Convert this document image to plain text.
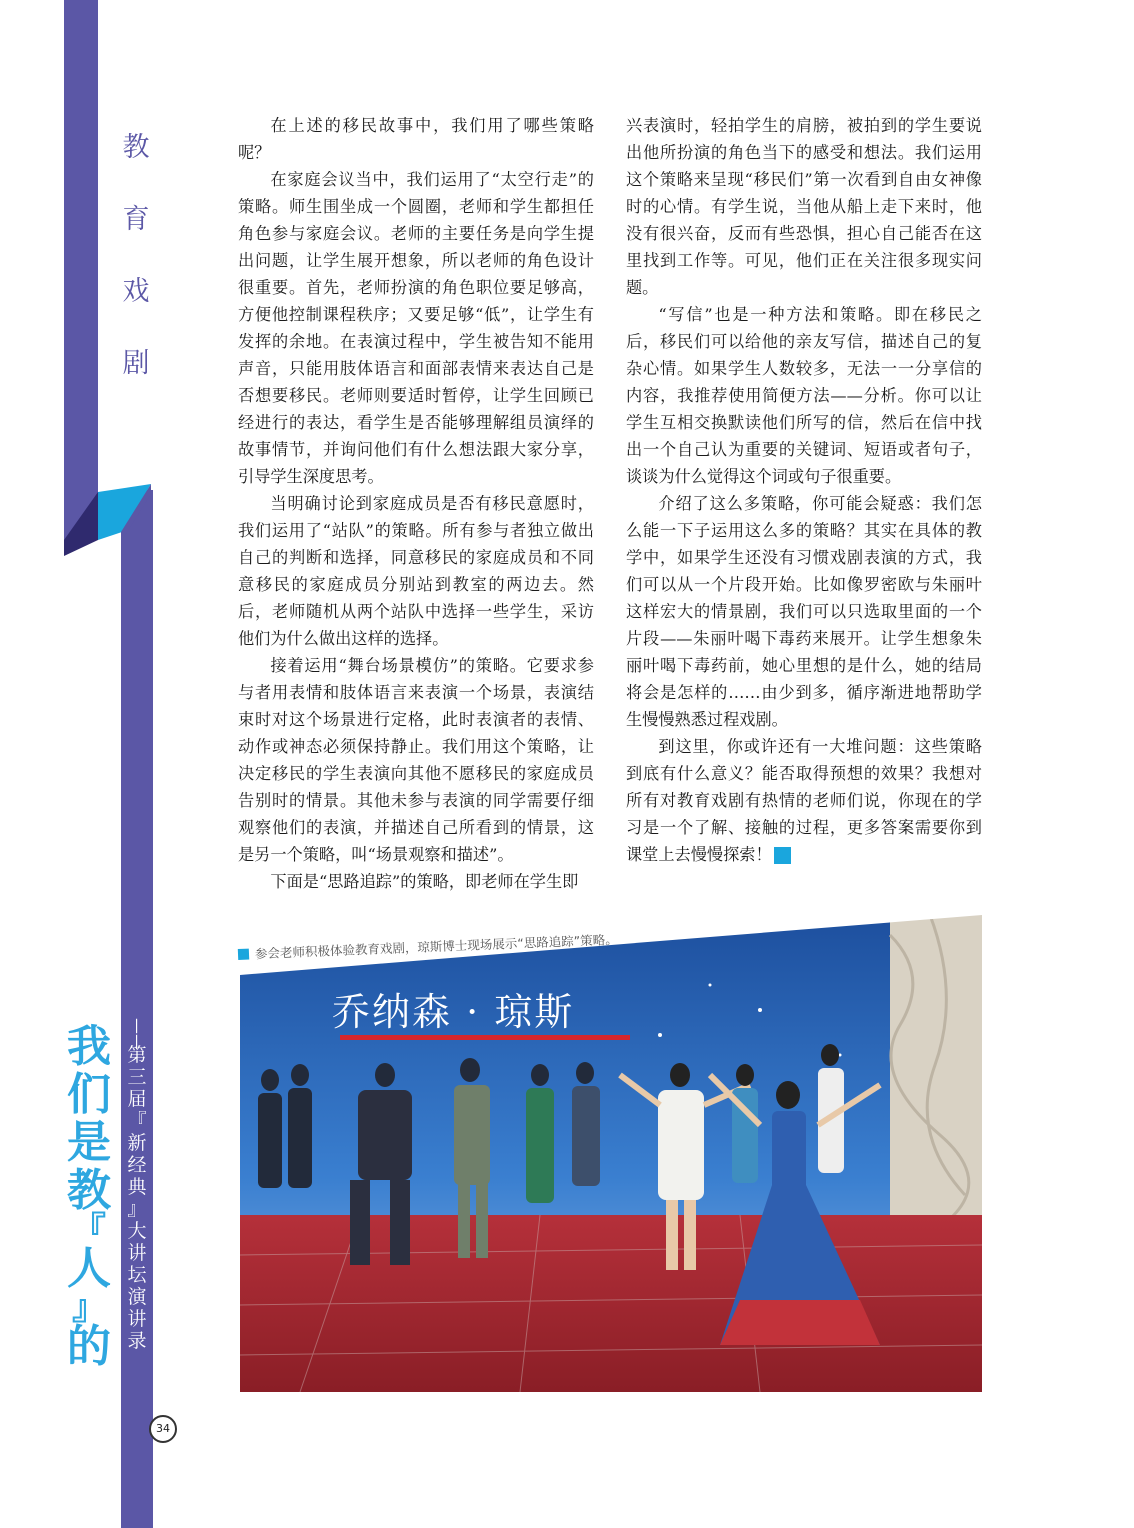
教
育
戏
剧

在上述的移民故事中，我们用了哪些策略呢？

在家庭会议当中，我们运用了“太空行走”的策略。师生围坐成一个圆圈，老师和学生都担任角色参与家庭会议。老师的主要任务是向学生提出问题，让学生展开想象，所以老师的角色设计很重要。首先，老师扮演的角色职位要足够高，方便他控制课程秩序；又要足够“低”，让学生有发挥的余地。在表演过程中，学生被告知不能用声音，只能用肢体语言和面部表情来表达自己是否想要移民。老师则要适时暂停，让学生回顾已经进行的表达，看学生是否能够理解组员演绎的故事情节，并询问他们有什么想法跟大家分享，引导学生深度思考。

当明确讨论到家庭成员是否有移民意愿时，我们运用了“站队”的策略。所有参与者独立做出自己的判断和选择，同意移民的家庭成员和不同意移民的家庭成员分别站到教室的两边去。然后，老师随机从两个站队中选择一些学生，采访他们为什么做出这样的选择。

接着运用“舞台场景模仿”的策略。它要求参与者用表情和肢体语言来表演一个场景，表演结束时对这个场景进行定格，此时表演者的表情、动作或神态必须保持静止。我们用这个策略，让决定移民的学生表演向其他不愿移民的家庭成员告别时的情景。其他未参与表演的同学需要仔细观察他们的表演，并描述自己所看到的情景，这是另一个策略，叫“场景观察和描述”。

下面是“思路追踪”的策略，即老师在学生即

兴表演时，轻拍学生的肩膀，被拍到的学生要说出他所扮演的角色当下的感受和想法。我们运用这个策略来呈现“移民们”第一次看到自由女神像时的心情。有学生说，当他从船上走下来时，他没有很兴奋，反而有些恐惧，担心自己能否在这里找到工作等。可见，他们正在关注很多现实问题。

“写信”也是一种方法和策略。即在移民之后，移民们可以给他的亲友写信，描述自己的复杂心情。如果学生人数较多，无法一一分享信的内容，我推荐使用简便方法——分析。你可以让学生互相交换默读他们所写的信，然后在信中找出一个自己认为重要的关键词、短语或者句子，谈谈为什么觉得这个词或句子很重要。

介绍了这么多策略，你可能会疑惑：我们怎么能一下子运用这么多的策略？其实在具体的教学中，如果学生还没有习惯戏剧表演的方式，我们可以从一个片段开始。比如像罗密欧与朱丽叶这样宏大的情景剧，我们可以只选取里面的一个片段——朱丽叶喝下毒药来展开。让学生想象朱丽叶喝下毒药前，她心里想的是什么，她的结局将会是怎样的……由少到多，循序渐进地帮助学生慢慢熟悉过程戏剧。

到这里，你或许还有一大堆问题：这些策略到底有什么意义？能否取得预想的效果？我想对所有对教育戏剧有热情的老师们说，你现在的学习是一个了解、接触的过程，更多答案需要你到课堂上去慢慢探索！	家

乔纳森 · 琼斯
参会老师积极体验教育戏剧，琼斯博士现场展示“思路追踪”策略。
我
们
是
教
『
人
』
的
——
第
三
届
『
新
经
典
』
大
讲
坛
演
讲
录
34
